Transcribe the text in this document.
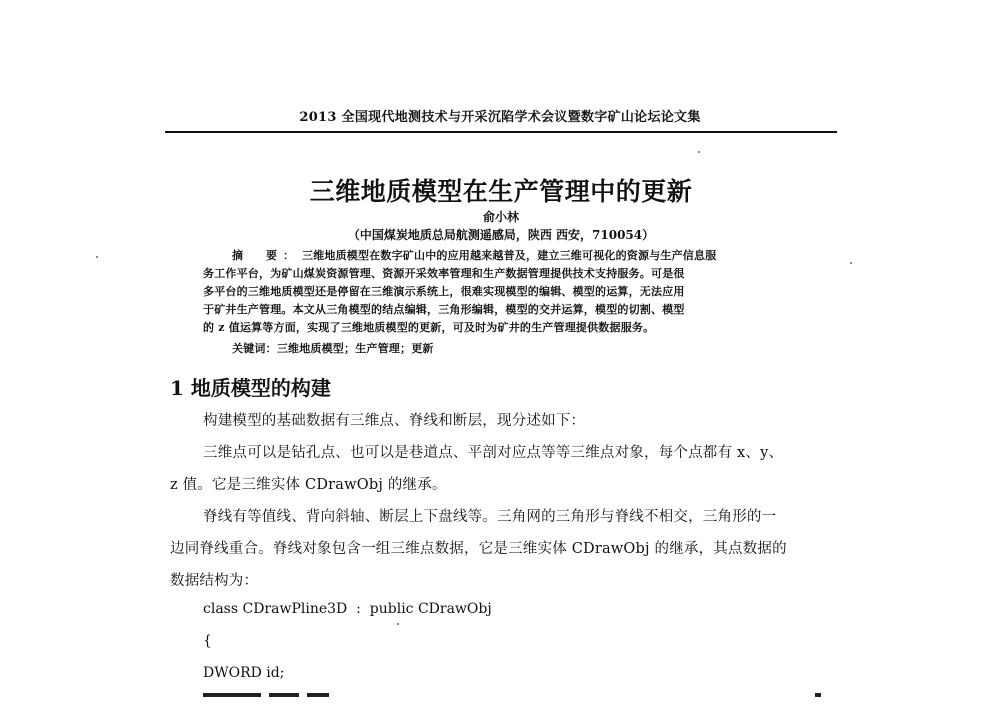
2013 全国现代地测技术与开采沉陷学术会议暨数字矿山论坛论文集
三维地质模型在生产管理中的更新
俞小林
（中国煤炭地质总局航测遥感局，陕西 西安，710054）
摘　要： 三维地质模型在数字矿山中的应用越来越普及，建立三维可视化的资源与生产信息服
务工作平台，为矿山煤炭资源管理、资源开采效率管理和生产数据管理提供技术支持服务。可是很
多平台的三维地质模型还是停留在三维演示系统上，很难实现模型的编辑、模型的运算，无法应用
于矿井生产管理。本文从三角模型的结点编辑，三角形编辑，模型的交并运算，模型的切割、模型
的 z 值运算等方面，实现了三维地质模型的更新，可及时为矿井的生产管理提供数据服务。
关键词：三维地质模型；生产管理；更新
1 地质模型的构建
构建模型的基础数据有三维点、脊线和断层，现分述如下：
三维点可以是钻孔点、也可以是巷道点、平剖对应点等等三维点对象，每个点都有 x、y、
z 值。它是三维实体 CDrawObj 的继承。
脊线有等值线、背向斜轴、断层上下盘线等。三角网的三角形与脊线不相交，三角形的一
边同脊线重合。脊线对象包含一组三维点数据，它是三维实体 CDrawObj 的继承，其点数据的
数据结构为：
class CDrawPline3D  :  public CDrawObj
{
DWORD id;
